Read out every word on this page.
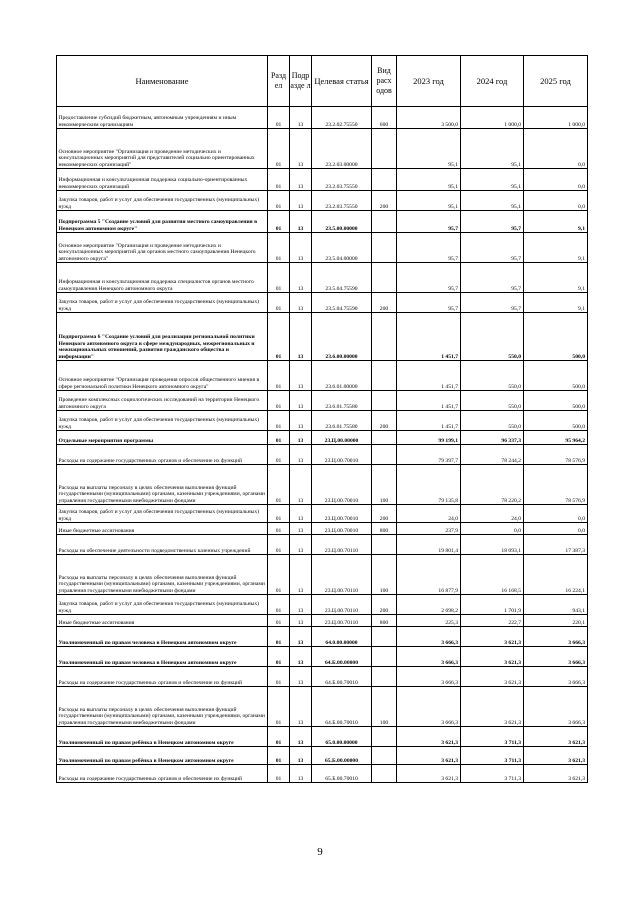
Наименование	Разд ел	Подр азде л	Целевая статья	Вид расх одов	2023 год	2024 год	2025 год
Предоставление субсидий бюджетным, автономным учреждениям и иным некоммерческим организациям	01	13	23.2.02.75550	600	3 500,0	1 000,0	1 000,0
Основное мероприятие "Организация и проведение методических и консультационных мероприятий для представителей социально ориентированных некоммерческих организаций"	01	13	23.2.03.00000		95,1	95,1	0,0
Информационная и консультационная поддержка социально-ориентированных некоммерческих организаций	01	13	23.2.03.75550		95,1	95,1	0,0
Закупка товаров, работ и услуг для обеспечения государственных (муниципальных) нужд	01	13	23.2.03.75550	200	95,1	95,1	0,0
Подпрограмма 5 "Создание условий для развития местного самоуправления в Ненецком автономном округе"	01	13	23.5.00.00000		95,7	95,7	9,1
Основное мероприятие "Организация и проведение методических и консультационных мероприятий для органов местного самоуправления Ненецкого автономного округа"	01	13	23.5.04.00000		95,7	95,7	9,1
Информационная и консультационная поддержка специалистов органов местного самоуправления Ненецкого автономного округа	01	13	23.5.04.75590		95,7	95,7	9,1
Закупка товаров, работ и услуг для обеспечения государственных (муниципальных) нужд	01	13	23.5.04.75590	200	95,7	95,7	9,1
Подпрограмма 6 "Создание условий для реализации региональной политики Ненецкого автономного округа в сфере международных, межрегиональных и межнациональных отношений, развития гражданского общества и информации"	01	13	23.6.00.00000		1 451,7	550,0	500,0
Основное мероприятие "Организация проведения опросов общественного мнения в сфере региональной политики Ненецкого автономного округа"	01	13	23.6.01.00000		1 451,7	550,0	500,0
Проведение комплексных социологических исследований на территории Ненецкого автономного округа	01	13	23.6.01.75580		1 451,7	550,0	500,0
Закупка товаров, работ и услуг для обеспечения государственных (муниципальных) нужд	01	13	23.6.01.75580	200	1 451,7	550,0	500,0
Отдельные мероприятия программы	01	13	23.Ц.00.00000		99 199,1	96 337,3	95 964,2
Расходы на содержание государственных органов и обеспечение их функций	01	13	23.Ц.00.70010		79 397,7	78 244,2	78 576,9
Расходы на выплаты персоналу в целях обеспечения выполнения функций государственными (муниципальными) органами, казенными учреждениями, органами управления государственными внебюджетными фондами	01	13	23.Ц.00.70010	100	79 135,8	78 220,2	78 576,9
Закупка товаров, работ и услуг для обеспечения государственных (муниципальных) нужд	01	13	23.Ц.00.70010	200	24,0	24,0	0,0
Иные бюджетные ассигнования	01	13	23.Ц.00.70010	800	237,9	0,0	0,0
Расходы на обеспечение деятельности подведомственных казенных учреждений	01	13	23.Ц.00.70110		19 801,4	18 093,1	17 387,3
Расходы на выплаты персоналу в целях обеспечения выполнения функций государственными (муниципальными) органами, казенными учреждениями, органами управления государственными внебюджетными фондами	01	13	23.Ц.00.70110	100	16 877,9	16 168,5	16 224,1
Закупка товаров, работ и услуг для обеспечения государственных (муниципальных) нужд	01	13	23.Ц.00.70110	200	2 698,2	1 701,9	943,1
Иные бюджетные ассигнования	01	13	23.Ц.00.70110	800	225,3	222,7	220,1
Уполномоченный по правам человека в Ненецком автономном округе	01	13	64.0.00.00000		3 666,3	3 621,3	3 666,3
Уполномоченный по правам человека в Ненецком автономном округе	01	13	64.Б.00.00000		3 666,3	3 621,3	3 666,3
Расходы на содержание государственных органов и обеспечение их функций	01	13	64.Б.00.70010		3 666,3	3 621,3	3 666,3
Расходы на выплаты персоналу в целях обеспечения выполнения функций государственными (муниципальными) органами, казенными учреждениями, органами управления государственными внебюджетными фондами	01	13	64.Б.00.70010	100	3 666,3	3 621,3	3 666,3
Уполномоченный по правам ребёнка в Ненецком автономном округе	01	13	65.0.00.00000		3 621,3	3 711,3	3 621,3
Уполномоченный по правам ребёнка в Ненецком автономном округе	01	13	65.Б.00.00000		3 621,3	3 711,3	3 621,3
Расходы на содержание государственных органов и обеспечение их функций	01	13	65.Б.00.70010		3 621,3	3 711,3	3 621,3
9
